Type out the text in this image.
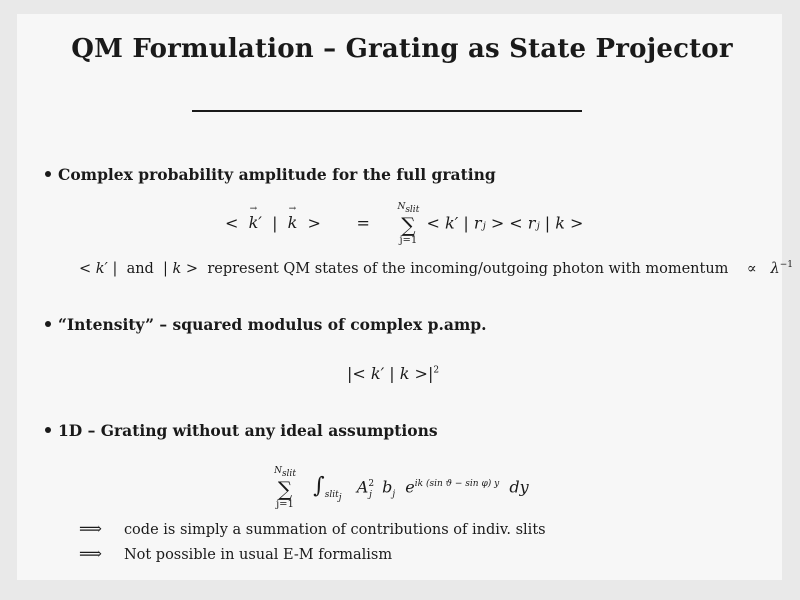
QM Formulation – Grating as State Projector
Complex probability amplitude for the full grating
< → k′ | → k > =
$N_{slit}$
∑
j=1
< k′ | rⱼ > < rⱼ | k >
< k′ | and | k > represent QM states of the incoming/outgoing photon with momentum ∝ $\lambda^{-1}$
“Intensity” – squared modulus of complex p.amp.
|< k′ | $k >|^2$
1D – Grating without any ideal assumptions
$N_{slit}$
∑
j=1
$\int_{slit_j}$   $A^2_j$ $b_j$ $e^{ik (sin ϑ - sin \varphi) y}$ dy
⟹ code is simply a summation of contributions of indiv. slits
⟹ Not possible in usual E-M formalism
